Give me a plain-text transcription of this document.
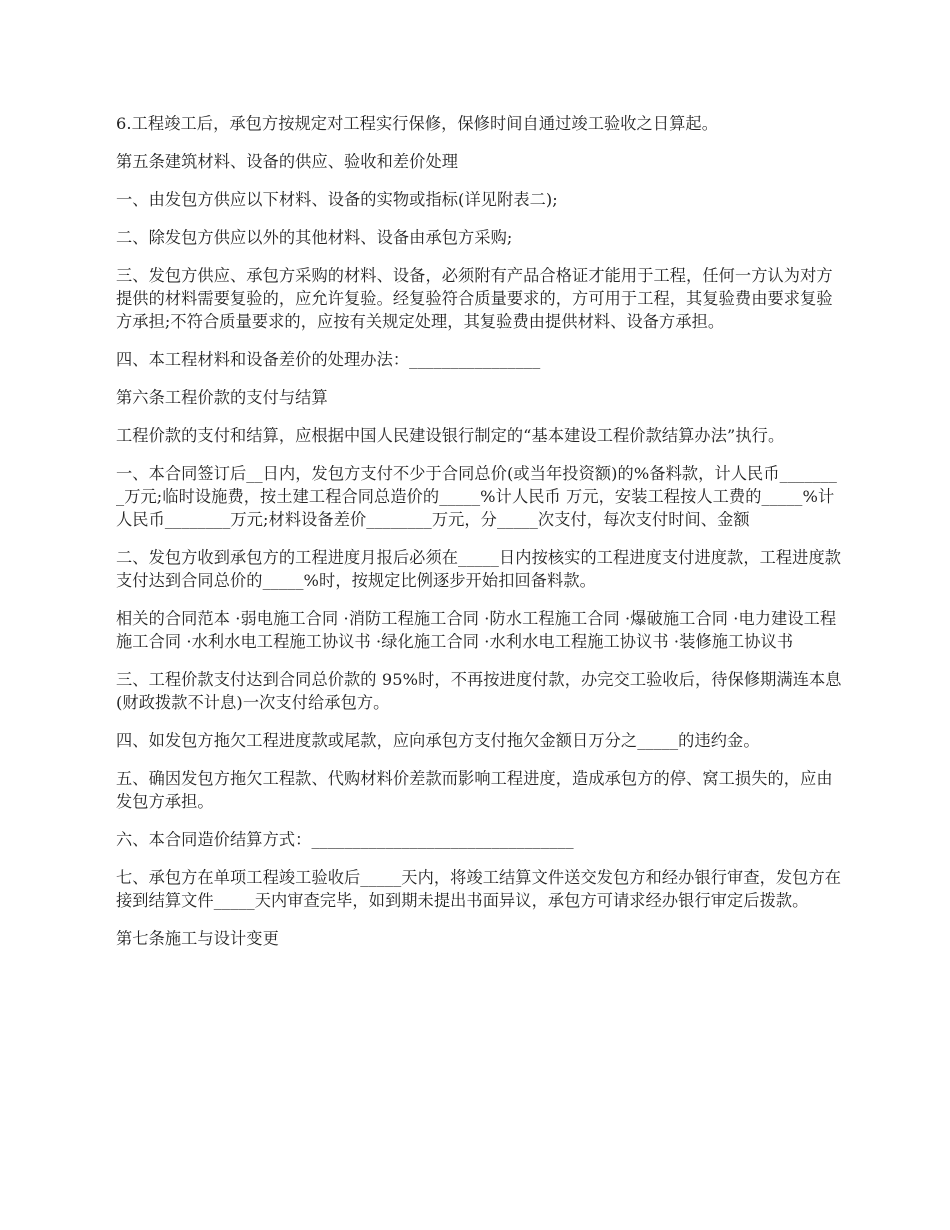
6.工程竣工后，承包方按规定对工程实行保修，保修时间自通过竣工验收之日算起。

第五条建筑材料、设备的供应、验收和差价处理

一、由发包方供应以下材料、设备的实物或指标(详见附表二);

二、除发包方供应以外的其他材料、设备由承包方采购;

三、发包方供应、承包方采购的材料、设备，必须附有产品合格证才能用于工程，任何一方认为对方提供的材料需要复验的，应允许复验。经复验符合质量要求的，方可用于工程，其复验费由要求复验方承担;不符合质量要求的，应按有关规定处理，其复验费由提供材料、设备方承担。

四、本工程材料和设备差价的处理办法：________________

第六条工程价款的支付与结算

工程价款的支付和结算，应根据中国人民建设银行制定的“基本建设工程价款结算办法”执行。

一、本合同签订后__日内，发包方支付不少于合同总价(或当年投资额)的%备料款，计人民币________万元;临时设施费，按土建工程合同总造价的_____%计人民币 万元，安装工程按人工费的_____%计人民币________万元;材料设备差价________万元，分_____次支付，每次支付时间、金额

二、发包方收到承包方的工程进度月报后必须在_____日内按核实的工程进度支付进度款，工程进度款支付达到合同总价的_____%时，按规定比例逐步开始扣回备料款。

相关的合同范本 ·弱电施工合同 ·消防工程施工合同 ·防水工程施工合同 ·爆破施工合同 ·电力建设工程施工合同 ·水利水电工程施工协议书 ·绿化施工合同 ·水利水电工程施工协议书 ·装修施工协议书

三、工程价款支付达到合同总价款的 95%时，不再按进度付款，办完交工验收后，待保修期满连本息(财政拨款不计息)一次支付给承包方。

四、如发包方拖欠工程进度款或尾款，应向承包方支付拖欠金额日万分之_____的违约金。

五、确因发包方拖欠工程款、代购材料价差款而影响工程进度，造成承包方的停、窝工损失的，应由发包方承担。

六、本合同造价结算方式：________________________________

七、承包方在单项工程竣工验收后_____天内，将竣工结算文件送交发包方和经办银行审查，发包方在接到结算文件_____天内审查完毕，如到期未提出书面异议，承包方可请求经办银行审定后拨款。

第七条施工与设计变更
